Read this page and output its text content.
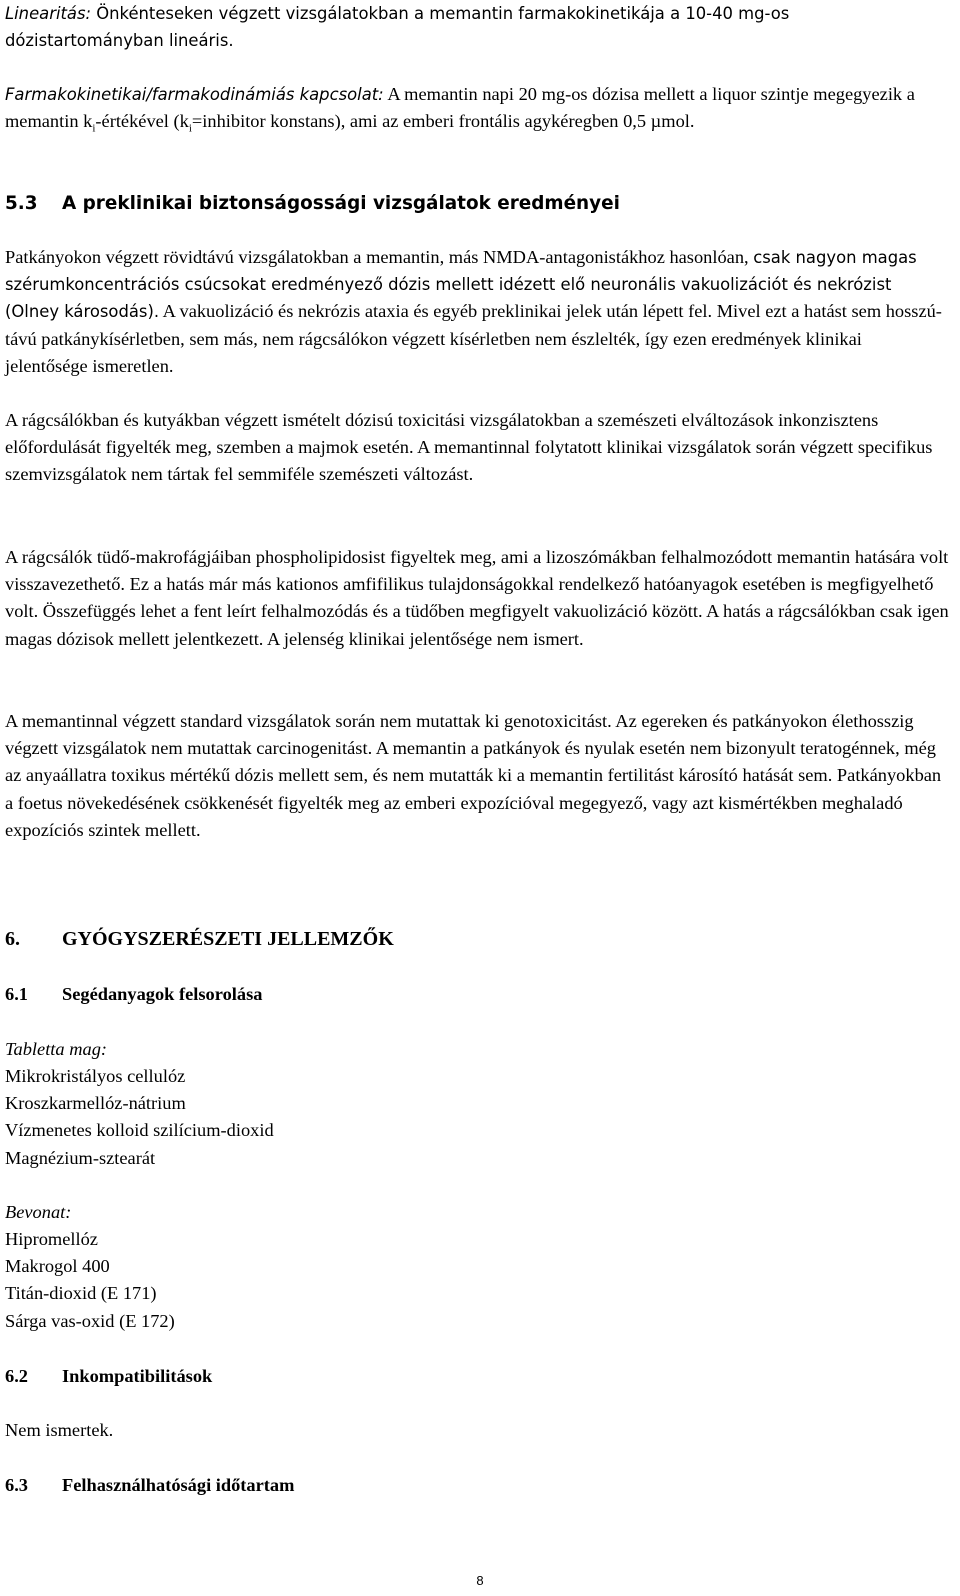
Linearitás: Önkénteseken végzett vizsgálatokban a memantin farmakokinetikája a 10-40 mg-os dózistartományban lineáris.

Farmakokinetikai/farmakodinámiás kapcsolat: A memantin napi 20 mg-os dózisa mellett a liquor szintje megegyezik a memantin $k_i$-értékével ($k_i=inhibitor$ konstans), ami az emberi frontális agykéregben 0,5 µmol.

5.3 A preklinikai biztonságossági vizsgálatok eredményei

Patkányokon végzett rövidtávú vizsgálatokban a memantin, más NMDA-antagonistákhoz hasonlóan, csak nagyon magas szérumkoncentrációs csúcsokat eredményező dózis mellett idézett elő neuronális vakuolizációt és nekrózist (Olney károsodás). A vakuolizáció és nekrózis ataxia és egyéb preklinikai jelek után lépett fel. Mivel ezt a hatást sem hosszú-távú patkánykísérletben, sem más, nem rágcsálókon végzett kísérletben nem észlelték, így ezen eredmények klinikai jelentősége ismeretlen.

A rágcsálókban és kutyákban végzett ismételt dózisú toxicitási vizsgálatokban a szemészeti elváltozások inkonzisztens előfordulását figyelték meg, szemben a majmok esetén. A memantinnal folytatott klinikai vizsgálatok során végzett specifikus szemvizsgálatok nem tártak fel semmiféle szemészeti változást.

A rágcsálók tüdő-makrofágjáiban phospholipidosist figyeltek meg, ami a lizoszómákban felhalmozódott memantin hatására volt visszavezethető. Ez a hatás már más kationos amfifilikus tulajdonságokkal rendelkező hatóanyagok esetében is megfigyelhető volt. Összefüggés lehet a fent leírt felhalmozódás és a tüdőben megfigyelt vakuolizáció között. A hatás a rágcsálókban csak igen magas dózisok mellett jelentkezett. A jelenség klinikai jelentősége nem ismert.

A memantinnal végzett standard vizsgálatok során nem mutattak ki genotoxicitást. Az egereken és patkányokon élethosszig végzett vizsgálatok nem mutattak carcinogenitást. A memantin a patkányok és nyulak esetén nem bizonyult teratogénnek, még az anyaállatra toxikus mértékű dózis mellett sem, és nem mutatták ki a memantin fertilitást károsító hatását sem. Patkányokban a foetus növekedésének csökkenését figyelték meg az emberi expozícióval megegyező, vagy azt kismértékben meghaladó expozíciós szintek mellett.

6. GYÓGYSZERÉSZETI JELLEMZŐK
6.1 Segédanyagok felsorolása
Tabletta mag:
Mikrokristályos cellulóz
Kroszkarmellóz-nátrium
Vízmenetes kolloid szilícium-dioxid
Magnézium-sztearát
Bevonat:
Hipromellóz
Makrogol 400
Titán-dioxid (E 171)
Sárga vas-oxid (E 172)
6.2 Inkompatibilitások
Nem ismertek.
6.3 Felhasználhatósági időtartam
8
